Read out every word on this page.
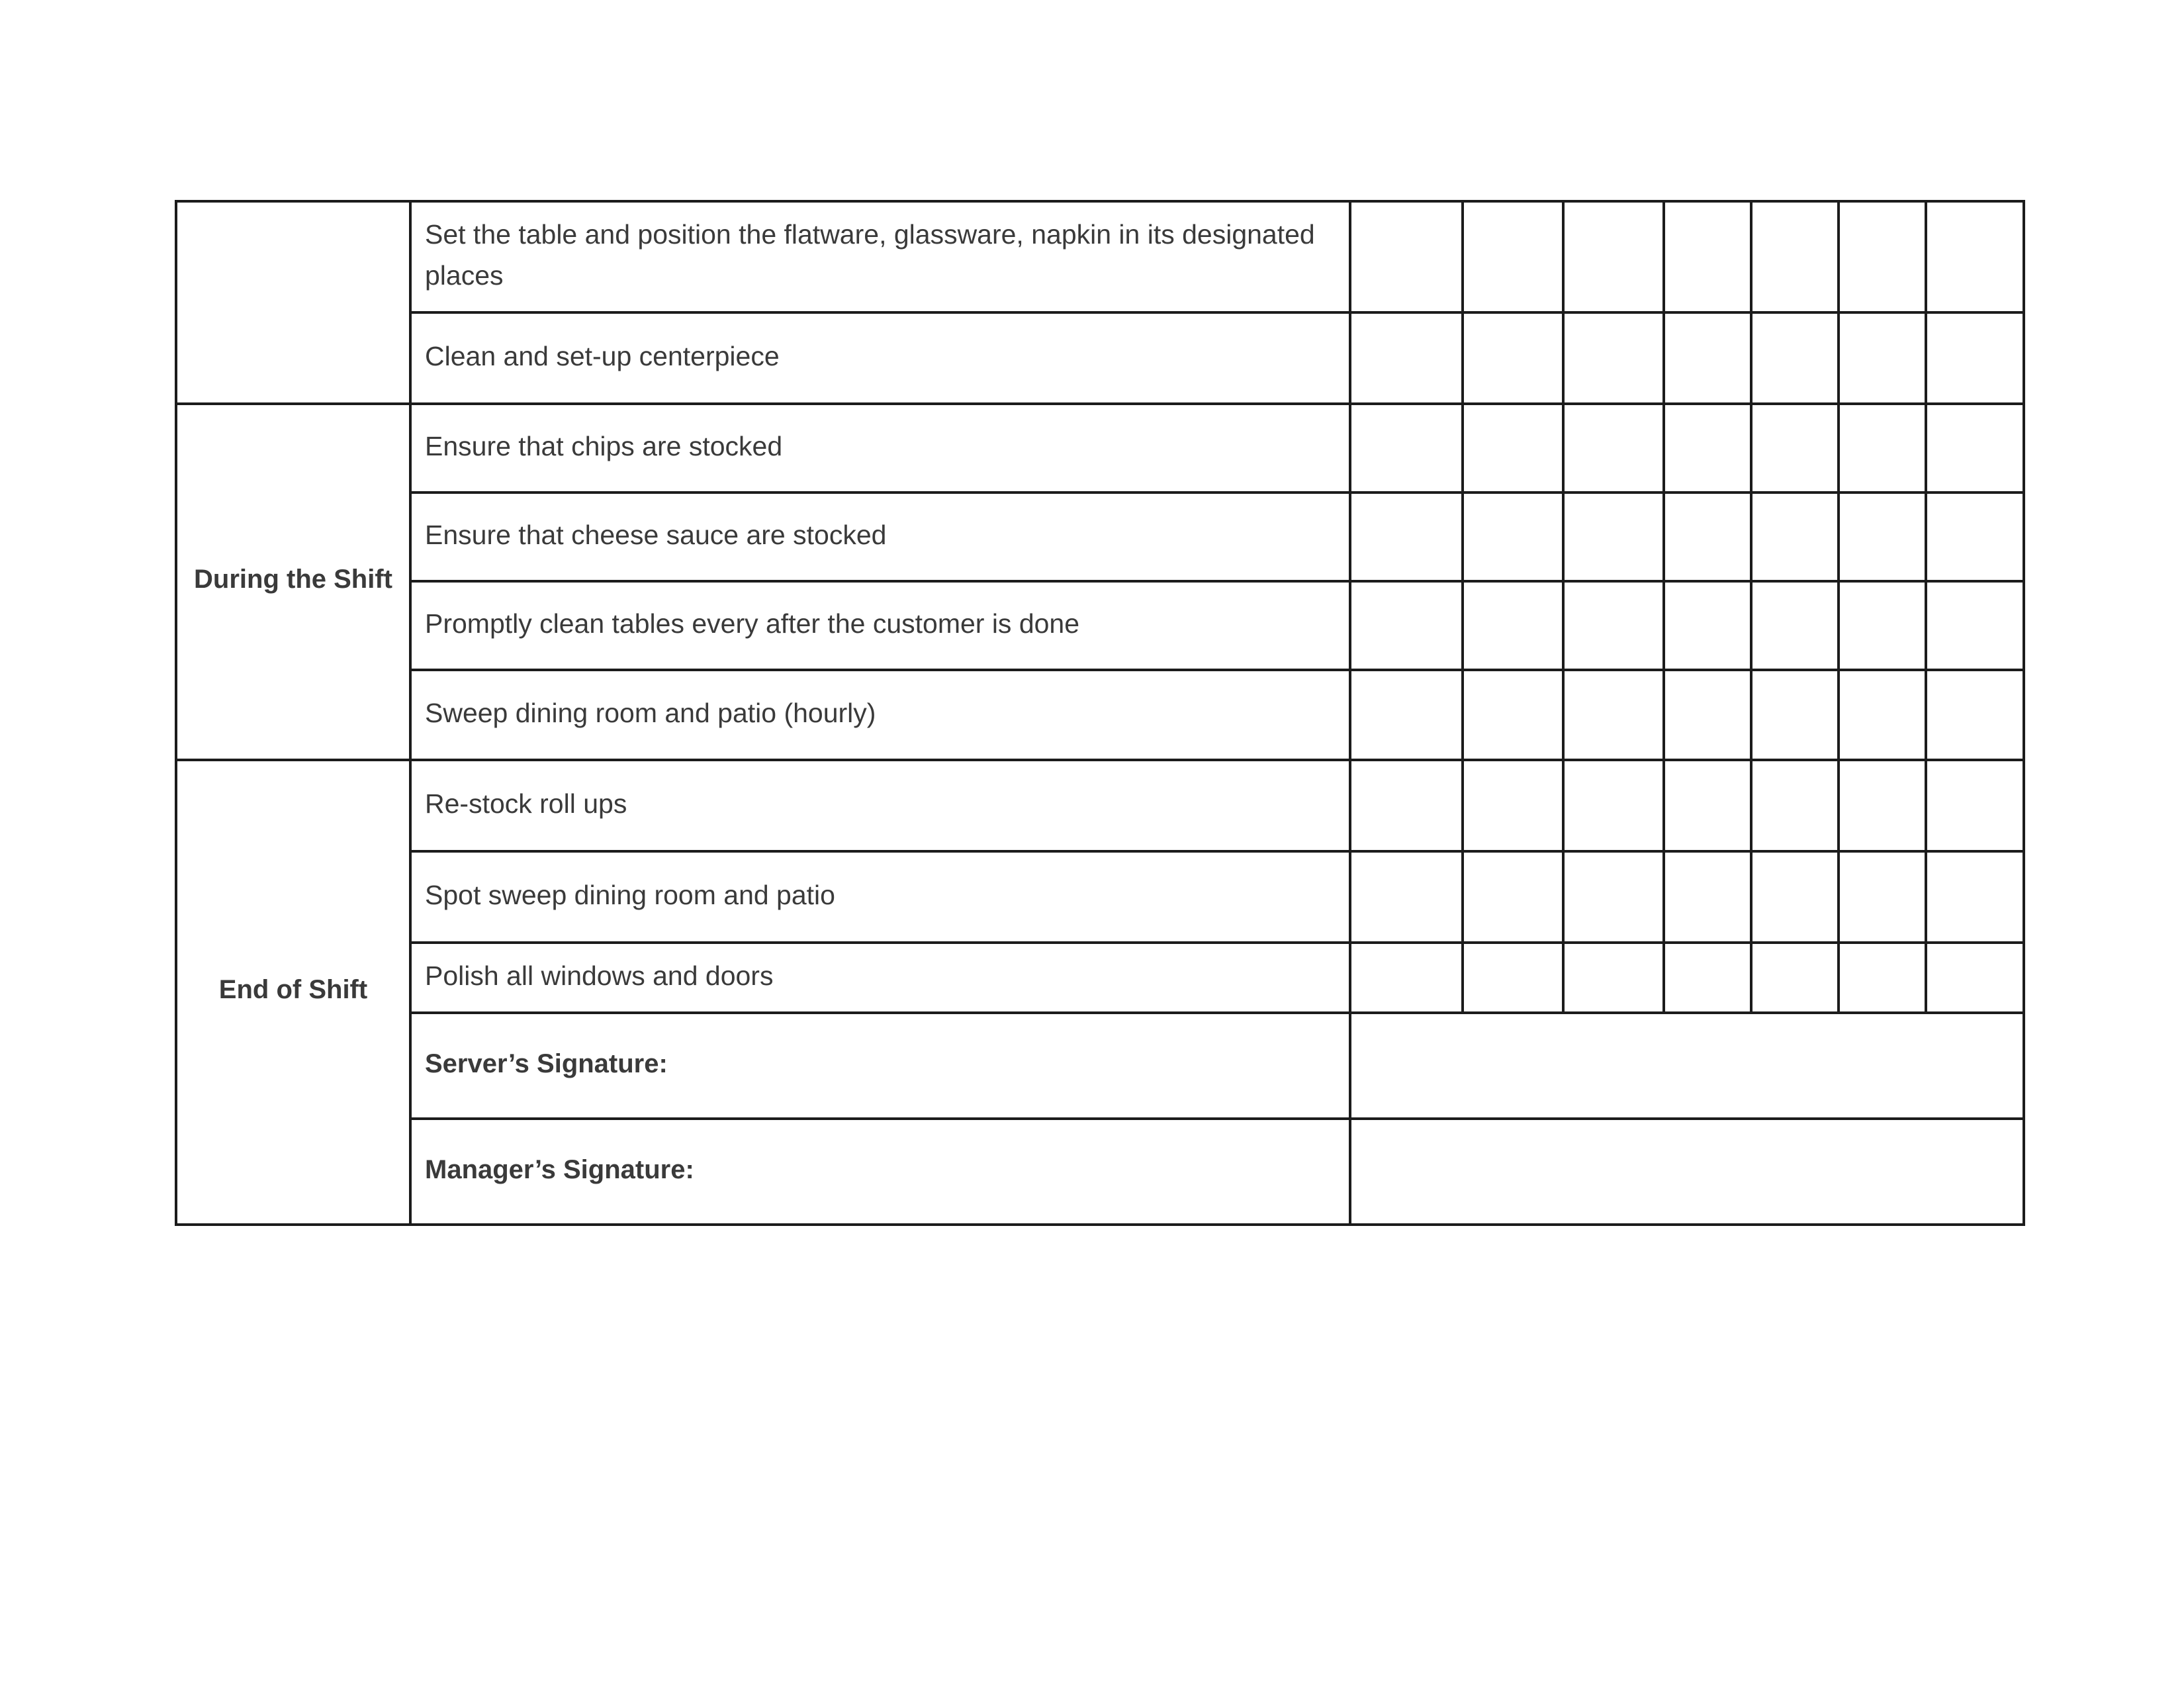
	Set the table and position the flatware, glassware, napkin in its designated places							
	Clean and set-up centerpiece							
During the Shift	Ensure that chips are stocked							
	Ensure that cheese sauce are stocked							
	Promptly clean tables every after the customer is done							
	Sweep dining room and patio (hourly)							
End of Shift	Re-stock roll ups							
	Spot sweep dining room and patio							
	Polish all windows and doors							
	Server’s Signature:							
	Manager’s Signature:							
